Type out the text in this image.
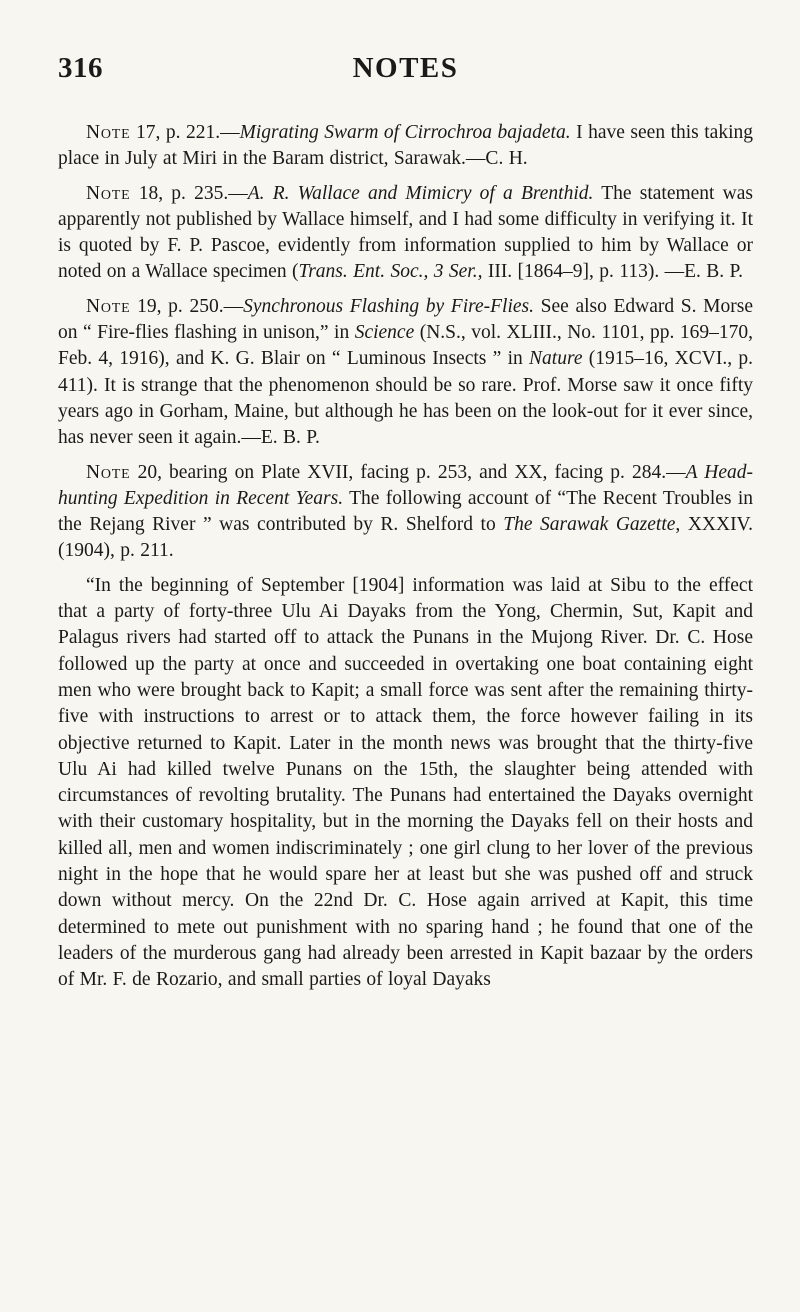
316	NOTES

Note 17, p. 221.—Migrating Swarm of Cirrochroa bajadeta. I have seen this taking place in July at Miri in the Baram district, Sarawak.—C. H.

Note 18, p. 235.—A. R. Wallace and Mimicry of a Brenthid. The statement was apparently not published by Wallace himself, and I had some difficulty in verifying it. It is quoted by F. P. Pascoe, evidently from information supplied to him by Wallace or noted on a Wallace specimen (Trans. Ent. Soc., 3 Ser., III. [1864–9], p. 113). —E. B. P.

Note 19, p. 250.—Synchronous Flashing by Fire-Flies. See also Edward S. Morse on “ Fire-flies flashing in unison,” in Science (N.S., vol. XLIII., No. 1101, pp. 169–170, Feb. 4, 1916), and K. G. Blair on “ Luminous Insects ” in Nature (1915–16, XCVI., p. 411). It is strange that the phenomenon should be so rare. Prof. Morse saw it once fifty years ago in Gorham, Maine, but although he has been on the look-out for it ever since, has never seen it again.—E. B. P.

Note 20, bearing on Plate XVII, facing p. 253, and XX, facing p. 284.—A Head-hunting Expedition in Recent Years. The following account of “The Recent Troubles in the Rejang River ” was contributed by R. Shelford to The Sarawak Gazette, XXXIV. (1904), p. 211.

“In the beginning of September [1904] information was laid at Sibu to the effect that a party of forty-three Ulu Ai Dayaks from the Yong, Chermin, Sut, Kapit and Palagus rivers had started off to attack the Punans in the Mujong River. Dr. C. Hose followed up the party at once and succeeded in overtaking one boat containing eight men who were brought back to Kapit; a small force was sent after the remaining thirty-five with instructions to arrest or to attack them, the force however failing in its objective returned to Kapit. Later in the month news was brought that the thirty-five Ulu Ai had killed twelve Punans on the 15th, the slaughter being attended with circumstances of revolting brutality. The Punans had entertained the Dayaks overnight with their customary hospitality, but in the morning the Dayaks fell on their hosts and killed all, men and women indiscriminately ; one girl clung to her lover of the previous night in the hope that he would spare her at least but she was pushed off and struck down without mercy. On the 22nd Dr. C. Hose again arrived at Kapit, this time determined to mete out punishment with no sparing hand ; he found that one of the leaders of the murderous gang had already been arrested in Kapit bazaar by the orders of Mr. F. de Rozario, and small parties of loyal Dayaks
